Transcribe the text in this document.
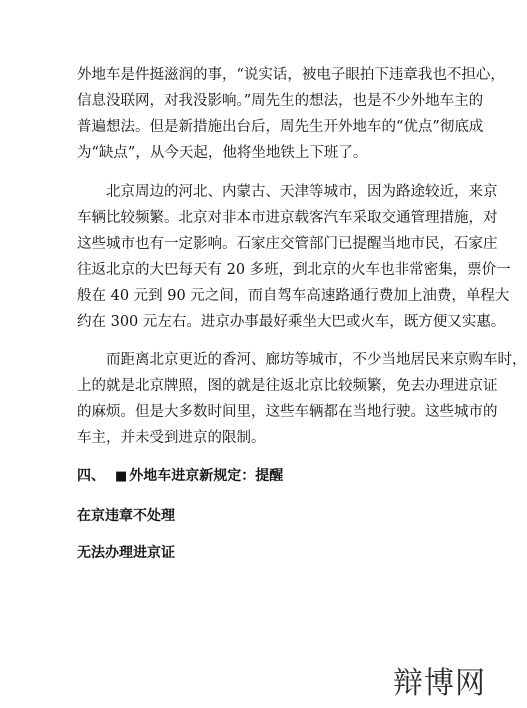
外地车是件挺滋润的事，“说实话，被电子眼拍下违章我也不担心，
信息没联网，对我没影响。”周先生的想法，也是不少外地车主的
普遍想法。但是新措施出台后，周先生开外地车的“优点”彻底成
为“缺点”，从今天起，他将坐地铁上下班了。
　　北京周边的河北、内蒙古、天津等城市，因为路途较近，来京
车辆比较频繁。北京对非本市进京载客汽车采取交通管理措施，对
这些城市也有一定影响。石家庄交管部门已提醒当地市民，石家庄
往返北京的大巴每天有 20 多班，到北京的火车也非常密集，票价一
般在 40 元到 90 元之间，而自驾车高速路通行费加上油费，单程大
约在 300 元左右。进京办事最好乘坐大巴或火车，既方便又实惠。
　　而距离北京更近的香河、廊坊等城市，不少当地居民来京购车时，
上的就是北京牌照，图的就是往返北京比较频繁，免去办理进京证
的麻烦。但是大多数时间里，这些车辆都在当地行驶。这些城市的
车主，并未受到进京的限制。
四、 ■ 外地车进京新规定：提醒
在京违章不处理
无法办理进京证
辩博网
